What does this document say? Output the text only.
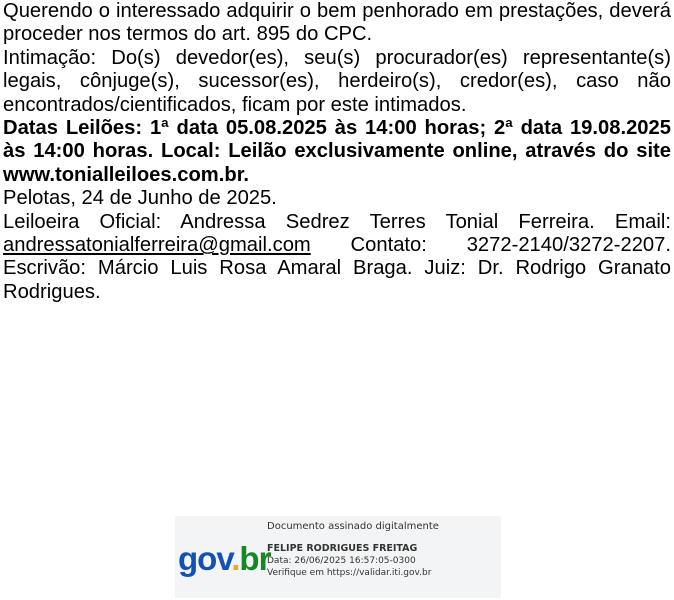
Querendo o interessado adquirir o bem penhorado em prestações, deverá proceder nos termos do art. 895 do CPC.

Intimação: Do(s) devedor(es), seu(s) procurador(es) representante(s) legais, cônjuge(s), sucessor(es), herdeiro(s), credor(es), caso não encontrados/cientificados, ficam por este intimados.

Datas Leilões: 1ª data 05.08.2025 às 14:00 horas; 2ª data 19.08.2025 às 14:00 horas. Local: Leilão exclusivamente online, através do site www.tonialleiloes.com.br.

Pelotas, 24 de Junho de 2025.

Leiloeira Oficial: Andressa Sedrez Terres Tonial Ferreira. Email: andressatonialferreira@gmail.com Contato: 3272-2140/3272-2207. Escrivão: Márcio Luis Rosa Amaral Braga. Juiz: Dr. Rodrigo Granato Rodrigues.

gov.br
Documento assinado digitalmente
FELIPE RODRIGUES FREITAG
Data: 26/06/2025 16:57:05-0300
Verifique em https://validar.iti.gov.br
